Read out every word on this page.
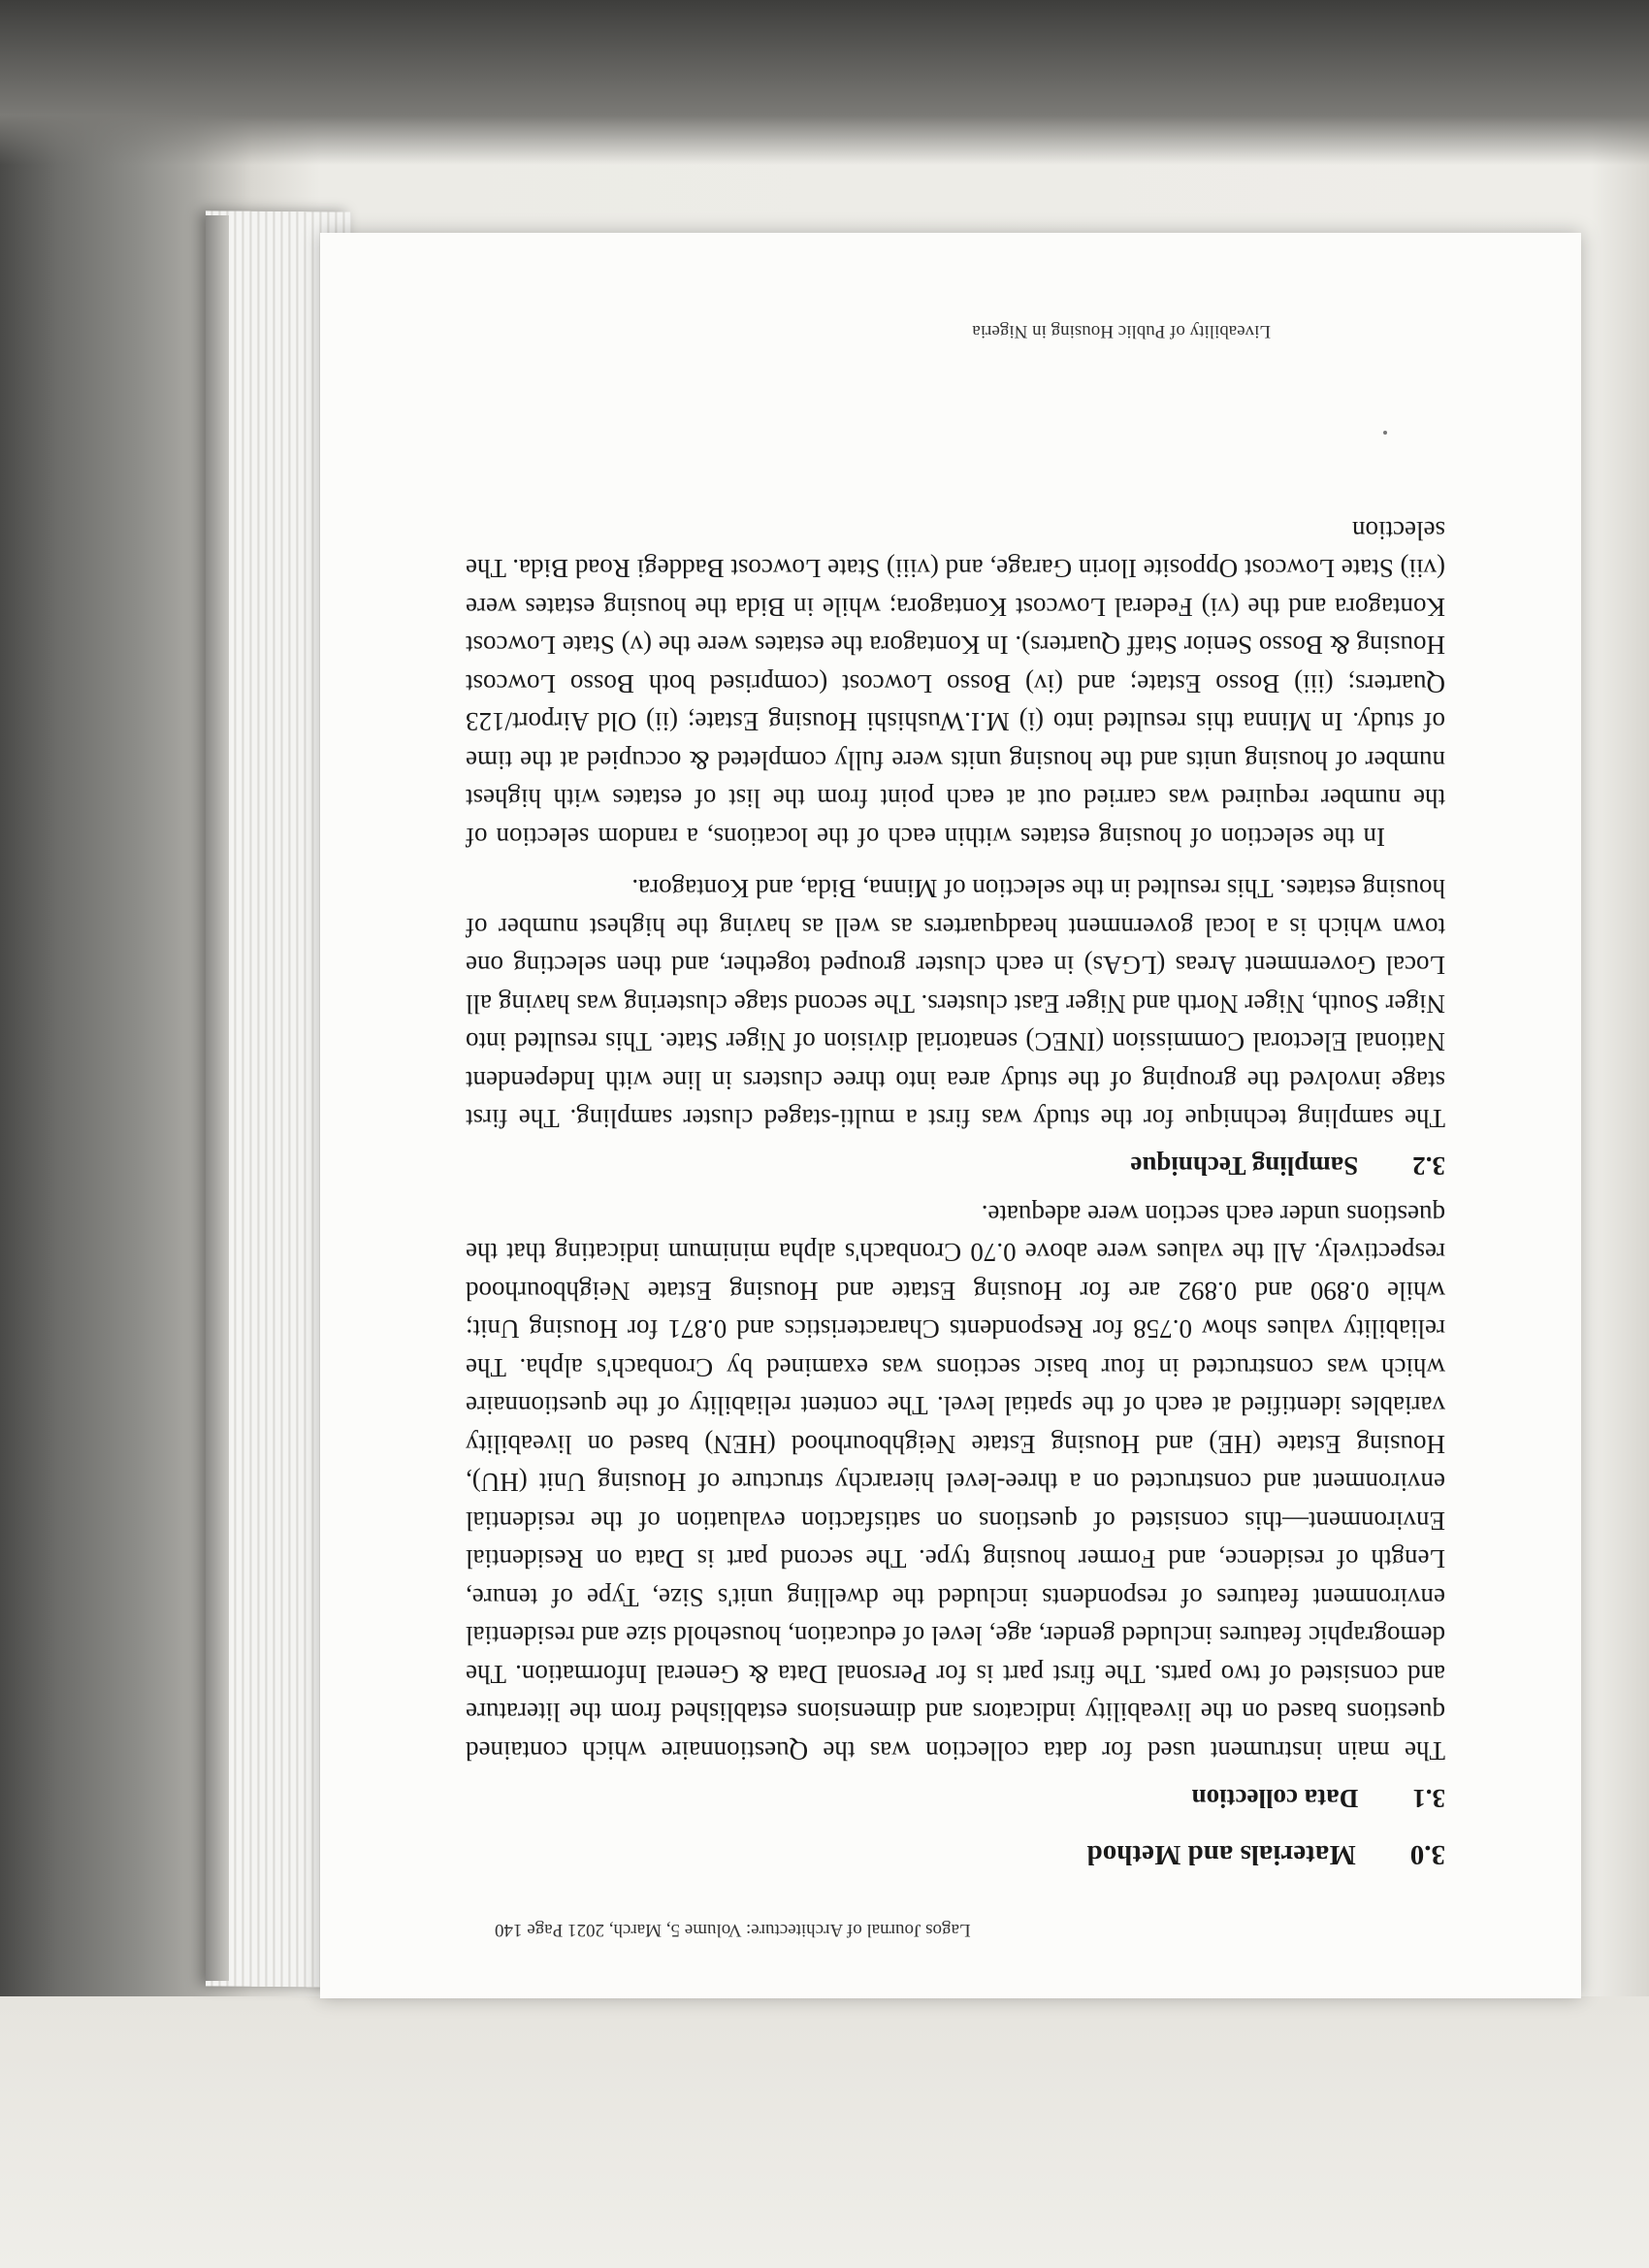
Liveability of Public Housing in Nigeria
3.0
Materials and Method
3.1
Data collection

The main instrument used for data collection was the Questionnaire which contained questions based on the liveability indicators and dimensions established from the literature and consisted of two parts. The first part is for Personal Data & General Information. The demographic features included gender, age, level of education, household size and residential environment features of respondents included the dwelling unit's Size, Type of tenure, Length of residence, and Former housing type. The second part is Data on Residential Environment—this consisted of questions on satisfaction evaluation of the residential environment and constructed on a three-level hierarchy structure of Housing Unit (HU), Housing Estate (HE) and Housing Estate Neighbourhood (HEN) based on liveability variables identified at each of the spatial level. The content reliability of the questionnaire which was constructed in four basic sections was examined by Cronbach's alpha. The reliability values show 0.758 for Respondents Characteristics and 0.871 for Housing Unit; while 0.890 and 0.892 are for Housing Estate and Housing Estate Neighbourhood respectively. All the values were above 0.70 Cronbach's alpha minimum indicating that the questions under each section were adequate.

3.2
Sampling Technique

The sampling technique for the study was first a multi-staged cluster sampling. The first stage involved the grouping of the study area into three clusters in line with Independent National Electoral Commission (INEC) senatorial division of Niger State. This resulted into Niger South, Niger North and Niger East clusters. The second stage clustering was having all Local Government Areas (LGAs) in each cluster grouped together, and then selecting one town which is a local government headquarters as well as having the highest number of housing estates. This resulted in the selection of Minna, Bida, and Kontagora.

In the selection of housing estates within each of the locations, a random selection of the number required was carried out at each point from the list of estates with highest number of housing units and the housing units were fully completed & occupied at the time of study. In Minna this resulted into (i) M.I.Wushishi Housing Estate; (ii) Old Airport/123 Quarters; (iii) Bosso Estate; and (iv) Bosso Lowcost (comprised both Bosso Lowcost Housing & Bosso Senior Staff Quarters). In Kontagora the estates were the (v) State Lowcost Kontagora and the (vi) Federal Lowcost Kontagora; while in Bida the housing estates were (vii) State Lowcost Opposite Ilorin Garage, and (viii) State Lowcost Baddegi Road Bida. The selection

Lagos Journal of Architecture: Volume 5, March, 2021 Page 140
